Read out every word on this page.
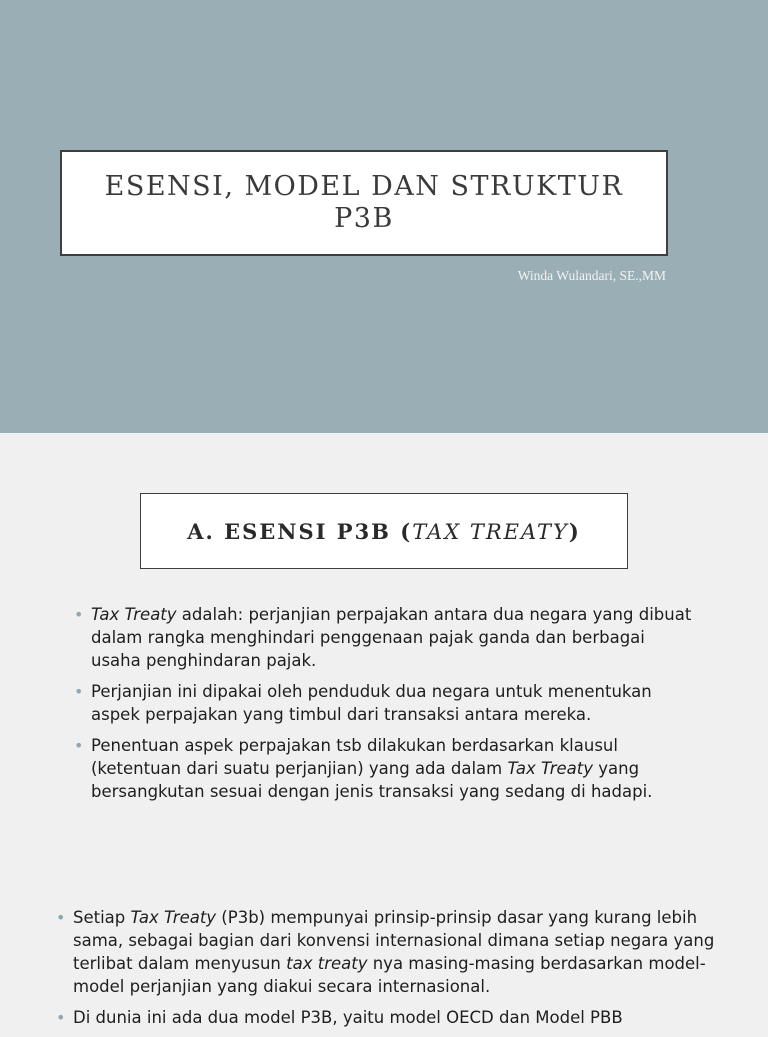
ESENSI, MODEL DAN STRUKTUR
P3B
Winda Wulandari, SE.,MM
A. ESENSI P3B (TAX TREATY)
• Tax Treaty adalah: perjanjian perpajakan antara dua negara yang dibuat dalam rangka menghindari penggenaan pajak ganda dan berbagai usaha penghindaran pajak.
• Perjanjian ini dipakai oleh penduduk dua negara untuk menentukan aspek perpajakan yang timbul dari transaksi antara mereka.
• Penentuan aspek perpajakan tsb dilakukan berdasarkan klausul (ketentuan dari suatu perjanjian) yang ada dalam Tax Treaty yang bersangkutan sesuai dengan jenis transaksi yang sedang di hadapi.
• Setiap Tax Treaty (P3b) mempunyai prinsip-prinsip dasar yang kurang lebih sama, sebagai bagian dari konvensi internasional dimana setiap negara yang terlibat dalam menyusun tax treaty nya masing-masing berdasarkan model-model perjanjian yang diakui secara internasional.
• Di dunia ini ada dua model P3B, yaitu model OECD dan Model PBB
